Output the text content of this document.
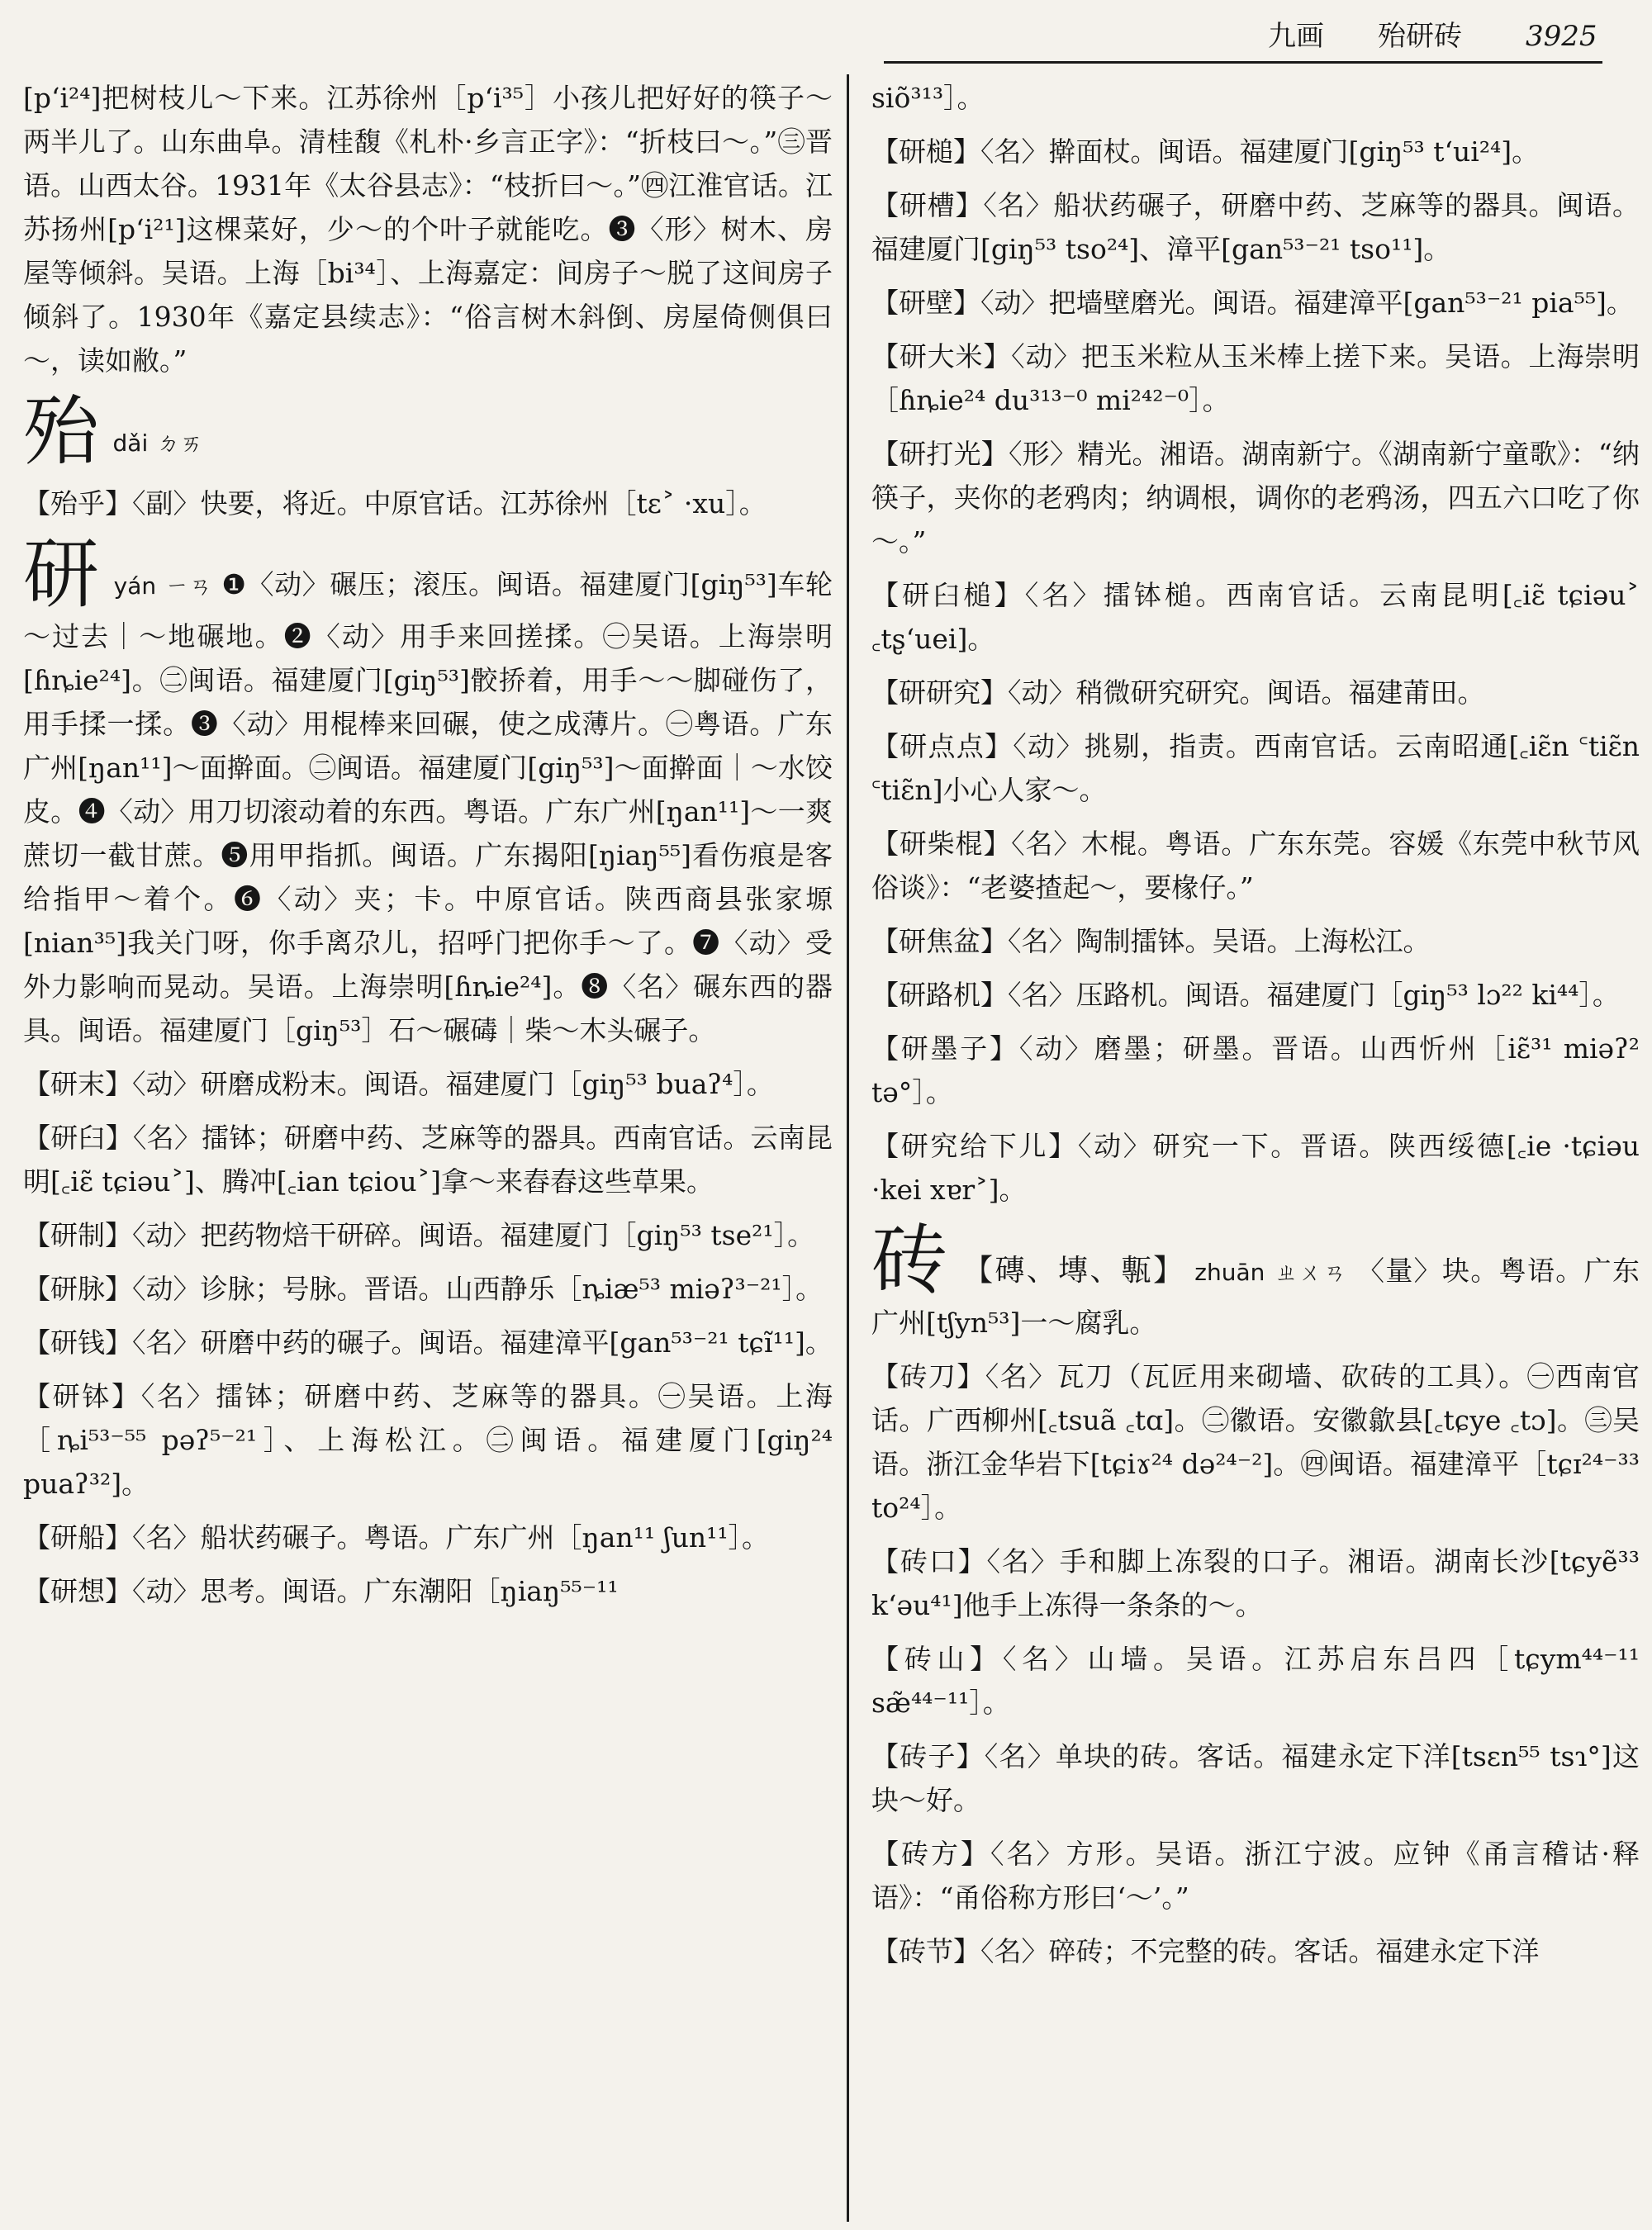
九画 殆研砖 3925

[pʻi²⁴]把树枝儿～下来。江苏徐州［pʻi³⁵］小孩儿把好好的筷子～两半儿了。山东曲阜。清桂馥《札朴·乡言正字》：“折枝曰～。”㊂晋语。山西太谷。1931年《太谷县志》：“枝折曰～。”㊃江淮官话。江苏扬州[pʻi²¹]这棵菜好，少～的个叶子就能吃。❸〈形〉树木、房屋等倾斜。吴语。上海［bi³⁴］、上海嘉定：间房子～脱了这间房子倾斜了。1930年《嘉定县续志》：“俗言树木斜倒、房屋倚侧俱曰～，读如敝。”

殆 dǎi ㄉㄞ

【殆乎】〈副〉快要，将近。中原官话。江苏徐州［tɛ˃ ·xu］。

研 yán ㄧㄢ ❶〈动〉碾压；滚压。闽语。福建厦门[giŋ⁵³]车轮～过去｜～地碾地。❷〈动〉用手来回搓揉。㊀吴语。上海崇明[ɦȵie²⁴]。㊁闽语。福建厦门[giŋ⁵³]骹挢着，用手～～脚碰伤了，用手揉一揉。❸〈动〉用棍棒来回碾，使之成薄片。㊀粤语。广东广州[ŋan¹¹]～面擀面。㊁闽语。福建厦门[giŋ⁵³]～面擀面｜～水饺皮。❹〈动〉用刀切滚动着的东西。粤语。广东广州[ŋan¹¹]～一爽蔗切一截甘蔗。❺用甲指抓。闽语。广东揭阳[ŋiaŋ⁵⁵]看伤痕是客给指甲～着个。❻〈动〉夹；卡。中原官话。陕西商县张家塬[nian³⁵]我关门呀，你手离尕儿，招呼门把你手～了。❼〈动〉受外力影响而晃动。吴语。上海崇明[ɦȵie²⁴]。❽〈名〉碾东西的器具。闽语。福建厦门［giŋ⁵³］石～碾碡｜柴～木头碾子。

【研末】〈动〉研磨成粉末。闽语。福建厦门［giŋ⁵³ buaʔ⁴］。

【研臼】〈名〉擂钵；研磨中药、芝麻等的器具。西南官话。云南昆明[꜀iɛ̃ tɕiəu˃]、腾冲[꜀ian tɕiou˃]拿～来舂舂这些草果。

【研制】〈动〉把药物焙干研碎。闽语。福建厦门［giŋ⁵³ tse²¹］。

【研脉】〈动〉诊脉；号脉。晋语。山西静乐［ȵiæ⁵³ miəʔ³⁻²¹］。

【研钱】〈名〉研磨中药的碾子。闽语。福建漳平[gan⁵³⁻²¹ tɕĩ¹¹]。

【研钵】〈名〉擂钵；研磨中药、芝麻等的器具。㊀吴语。上海［ȵi⁵³⁻⁵⁵ pəʔ⁵⁻²¹］、上海松江。㊁闽语。福建厦门[giŋ²⁴ puaʔ³²]。

【研船】〈名〉船状药碾子。粤语。广东广州［ŋan¹¹ ʃun¹¹］。

【研想】〈动〉思考。闽语。广东潮阳［ŋiaŋ⁵⁵⁻¹¹

siõ³¹³］。

【研槌】〈名〉擀面杖。闽语。福建厦门[giŋ⁵³ tʻui²⁴]。

【研槽】〈名〉船状药碾子，研磨中药、芝麻等的器具。闽语。福建厦门[giŋ⁵³ tso²⁴]、漳平[gan⁵³⁻²¹ tso¹¹]。

【研壁】〈动〉把墙壁磨光。闽语。福建漳平[gan⁵³⁻²¹ pia⁵⁵]。

【研大米】〈动〉把玉米粒从玉米棒上搓下来。吴语。上海崇明［ɦȵie²⁴ du³¹³⁻⁰ mi²⁴²⁻⁰］。

【研打光】〈形〉精光。湘语。湖南新宁。《湖南新宁童歌》：“纳筷子，夹你的老鸦肉；纳调根，调你的老鸦汤，四五六口吃了你～。”

【研臼槌】〈名〉擂钵槌。西南官话。云南昆明[꜀iɛ̃ tɕiəu˃ ꜀tʂʻuei]。

【研研究】〈动〉稍微研究研究。闽语。福建莆田。

【研点点】〈动〉挑剔，指责。西南官话。云南昭通[꜀iɛ̃n ꜂tiɛ̃n ꜂tiɛ̃n]小心人家～。

【研柴棍】〈名〉木棍。粤语。广东东莞。容媛《东莞中秋节风俗谈》：“老婆揸起～，要椽仔。”

【研焦盆】〈名〉陶制擂钵。吴语。上海松江。

【研路机】〈名〉压路机。闽语。福建厦门［giŋ⁵³ lɔ²² ki⁴⁴］。

【研墨子】〈动〉磨墨；研墨。晋语。山西忻州［iɛ̃³¹ miəʔ² tə°］。

【研究给下儿】〈动〉研究一下。晋语。陕西绥德[꜀ie ·tɕiəu ·kei xɐr˃]。

砖 【磚、塼、甎】 zhuān ㄓㄨㄢ 〈量〉块。粤语。广东广州[tʃyn⁵³]一～腐乳。

【砖刀】〈名〉瓦刀（瓦匠用来砌墙、砍砖的工具）。㊀西南官话。广西柳州[꜀tsuã ꜀tɑ]。㊁徽语。安徽歙县[꜀tɕye ꜀tɔ]。㊂吴语。浙江金华岩下[tɕiɤ²⁴ də²⁴⁻²]。㊃闽语。福建漳平［tɕɪ²⁴⁻³³ to²⁴］。

【砖口】〈名〉手和脚上冻裂的口子。湘语。湖南长沙[tɕyẽ³³ kʻəu⁴¹]他手上冻得一条条的～。

【砖山】〈名〉山墙。吴语。江苏启东吕四［tɕym⁴⁴⁻¹¹ sæ̃⁴⁴⁻¹¹］。

【砖子】〈名〉单块的砖。客话。福建永定下洋[tsɛn⁵⁵ tsɿ°]这块～好。

【砖方】〈名〉方形。吴语。浙江宁波。应钟《甬言稽诂·释语》：“甬俗称方形曰‘～’。”

【砖节】〈名〉碎砖；不完整的砖。客话。福建永定下洋
